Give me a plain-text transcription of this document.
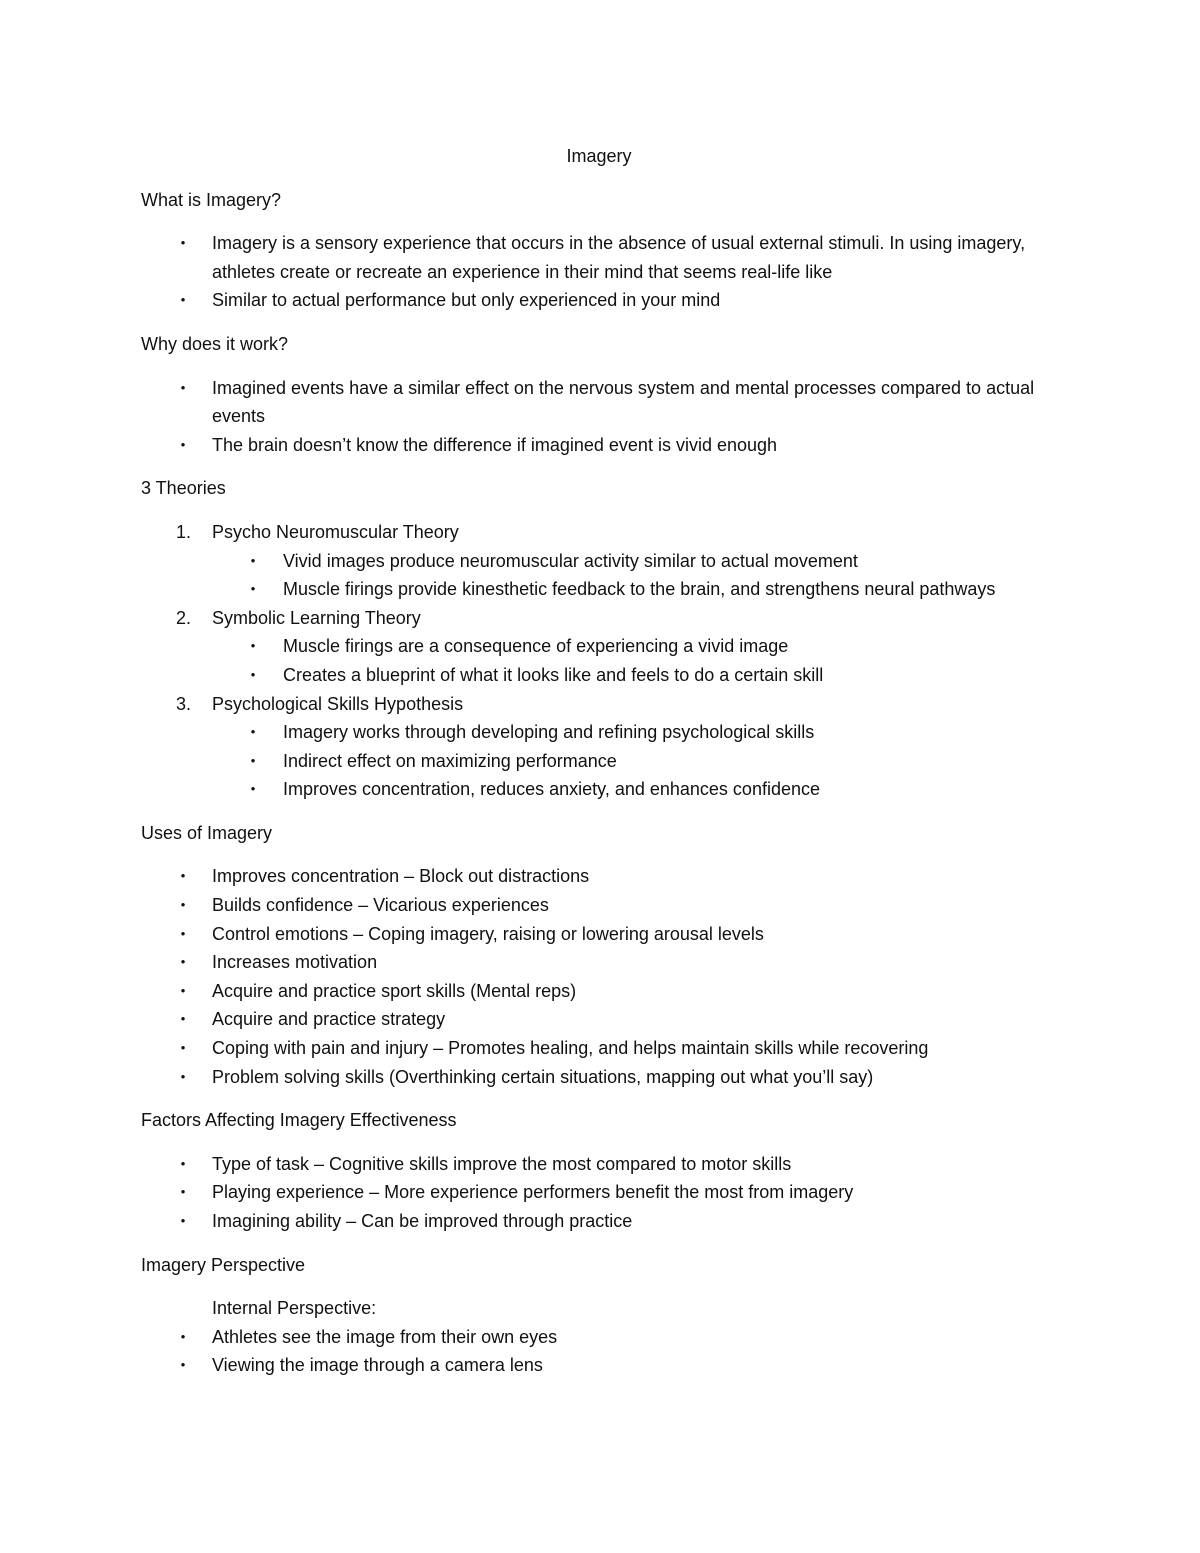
Imagery
What is Imagery?
• Imagery is a sensory experience that occurs in the absence of usual external stimuli. In using imagery, athletes create or recreate an experience in their mind that seems real-life like
• Similar to actual performance but only experienced in your mind
Why does it work?
• Imagined events have a similar effect on the nervous system and mental processes compared to actual events
• The brain doesn’t know the difference if imagined event is vivid enough
3 Theories
1. Psycho Neuromuscular Theory
• Vivid images produce neuromuscular activity similar to actual movement
• Muscle firings provide kinesthetic feedback to the brain, and strengthens neural pathways
2. Symbolic Learning Theory
• Muscle firings are a consequence of experiencing a vivid image
• Creates a blueprint of what it looks like and feels to do a certain skill
3. Psychological Skills Hypothesis
• Imagery works through developing and refining psychological skills
• Indirect effect on maximizing performance
• Improves concentration, reduces anxiety, and enhances confidence
Uses of Imagery
• Improves concentration – Block out distractions
• Builds confidence – Vicarious experiences
• Control emotions – Coping imagery, raising or lowering arousal levels
• Increases motivation
• Acquire and practice sport skills (Mental reps)
• Acquire and practice strategy
• Coping with pain and injury – Promotes healing, and helps maintain skills while recovering
• Problem solving skills (Overthinking certain situations, mapping out what you’ll say)
Factors Affecting Imagery Effectiveness
• Type of task – Cognitive skills improve the most compared to motor skills
• Playing experience – More experience performers benefit the most from imagery
• Imagining ability – Can be improved through practice
Imagery Perspective
Internal Perspective:
• Athletes see the image from their own eyes
• Viewing the image through a camera lens
